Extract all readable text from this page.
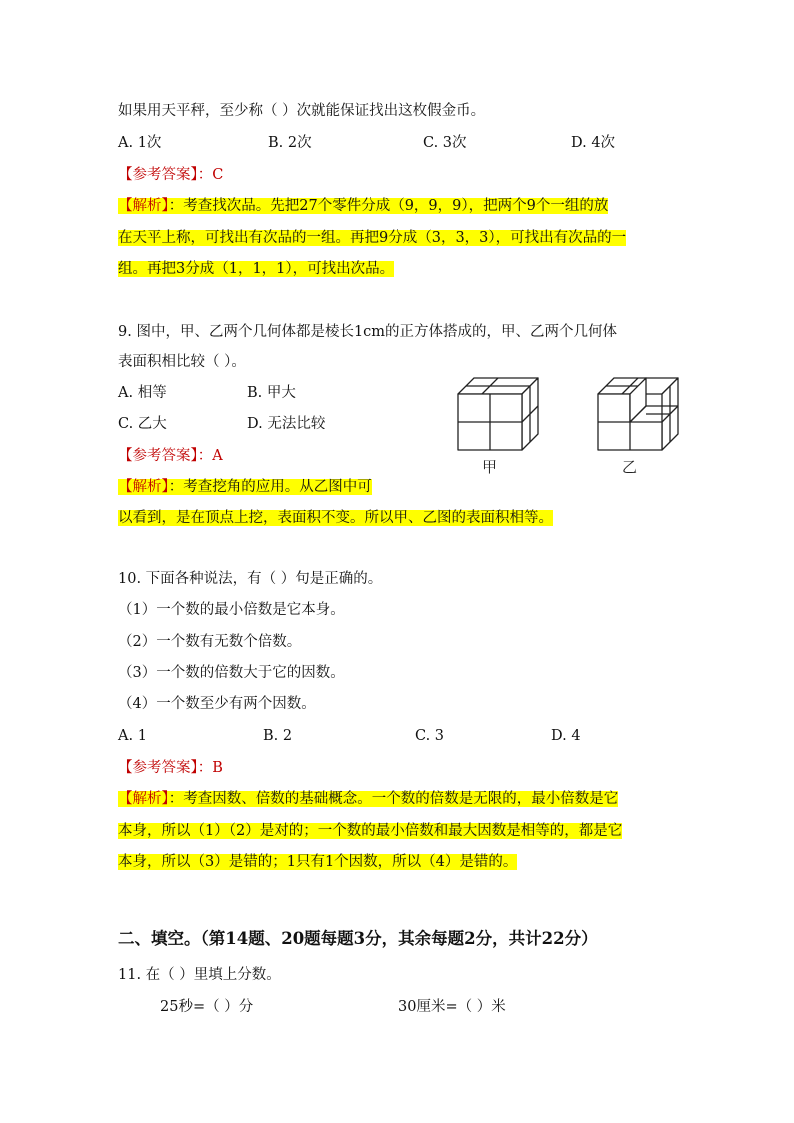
如果用天平秤，至少称（ ）次就能保证找出这枚假金币。
A. 1次	B. 2次	C. 3次	D. 4次
【参考答案】：C
【解析】：考查找次品。先把27个零件分成（9，9，9），把两个9个一组的放
在天平上称，可找出有次品的一组。再把9分成（3，3，3），可找出有次品的一
组。再把3分成（1，1，1），可找出次品。
9. 图中，甲、乙两个几何体都是棱长1cm的正方体搭成的，甲、乙两个几何体
表面积相比较（ ）。
A. 相等	B. 甲大
C. 乙大	D. 无法比较
【参考答案】：A
【解析】：考查挖角的应用。从乙图中可
以看到，是在顶点上挖，表面积不变。所以甲、乙图的表面积相等。
甲	乙
10. 下面各种说法，有（ ）句是正确的。
（1）一个数的最小倍数是它本身。
（2）一个数有无数个倍数。
（3）一个数的倍数大于它的因数。
（4）一个数至少有两个因数。
A. 1	B. 2	C. 3	D. 4
【参考答案】：B
【解析】：考查因数、倍数的基础概念。一个数的倍数是无限的，最小倍数是它
本身，所以（1）（2）是对的；一个数的最小倍数和最大因数是相等的，都是它
本身，所以（3）是错的；1只有1个因数，所以（4）是错的。
二、填空。（第14题、20题每题3分，其余每题2分，共计22分）
11. 在（ ）里填上分数。
25秒=（ ）分	30厘米=（ ）米
